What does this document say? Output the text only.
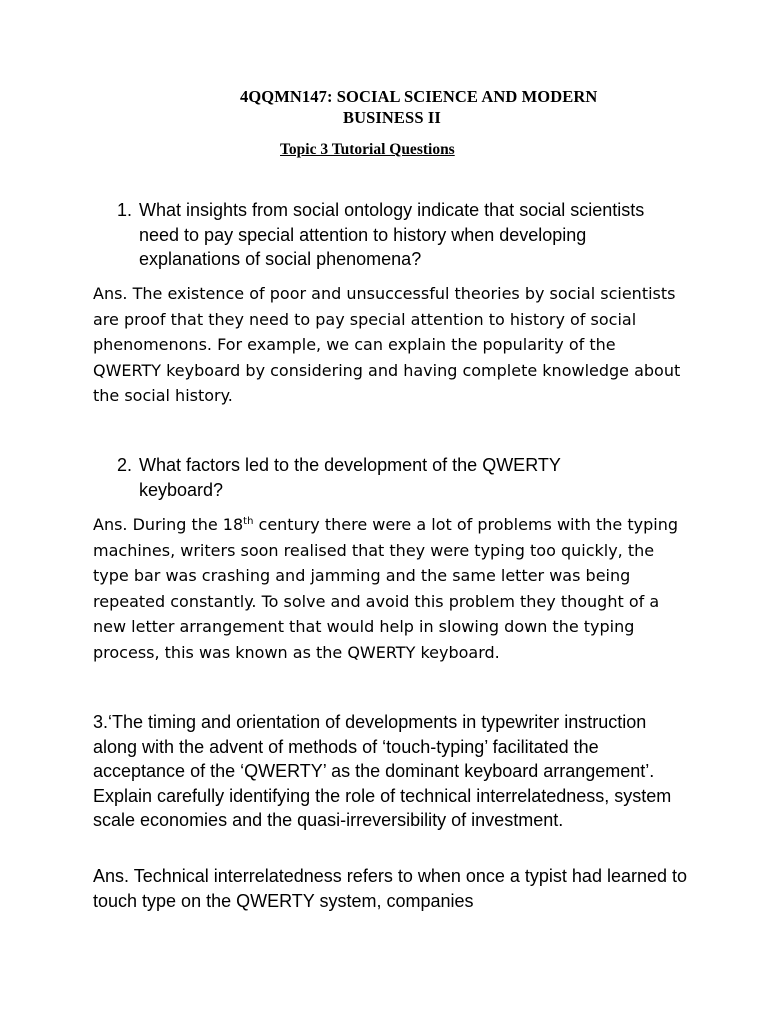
4QQMN147: SOCIAL SCIENCE AND MODERN
BUSINESS II
Topic 3 Tutorial Questions
1. What insights from social ontology indicate that social scientists need to pay special attention to history when developing explanations of social phenomena?
Ans. The existence of poor and unsuccessful theories by social scientists are proof that they need to pay special attention to history of social phenomenons. For example, we can explain the popularity of the QWERTY keyboard by considering and having complete knowledge about the social history.
2. What factors led to the development of the QWERTY keyboard?
Ans. During the 18th century there were a lot of problems with the typing machines, writers soon realised that they were typing too quickly, the type bar was crashing and jamming and the same letter was being repeated constantly. To solve and avoid this problem they thought of a new letter arrangement that would help in slowing down the typing process, this was known as the QWERTY keyboard.
3.‘The timing and orientation of developments in typewriter instruction along with the advent of methods of ‘touch-typing’ facilitated the acceptance of the ‘QWERTY’ as the dominant keyboard arrangement’. Explain carefully identifying the role of technical interrelatedness, system scale economies and the quasi-irreversibility of investment.
Ans. Technical interrelatedness refers to when once a typist had learned to touch type on the QWERTY system, companies
